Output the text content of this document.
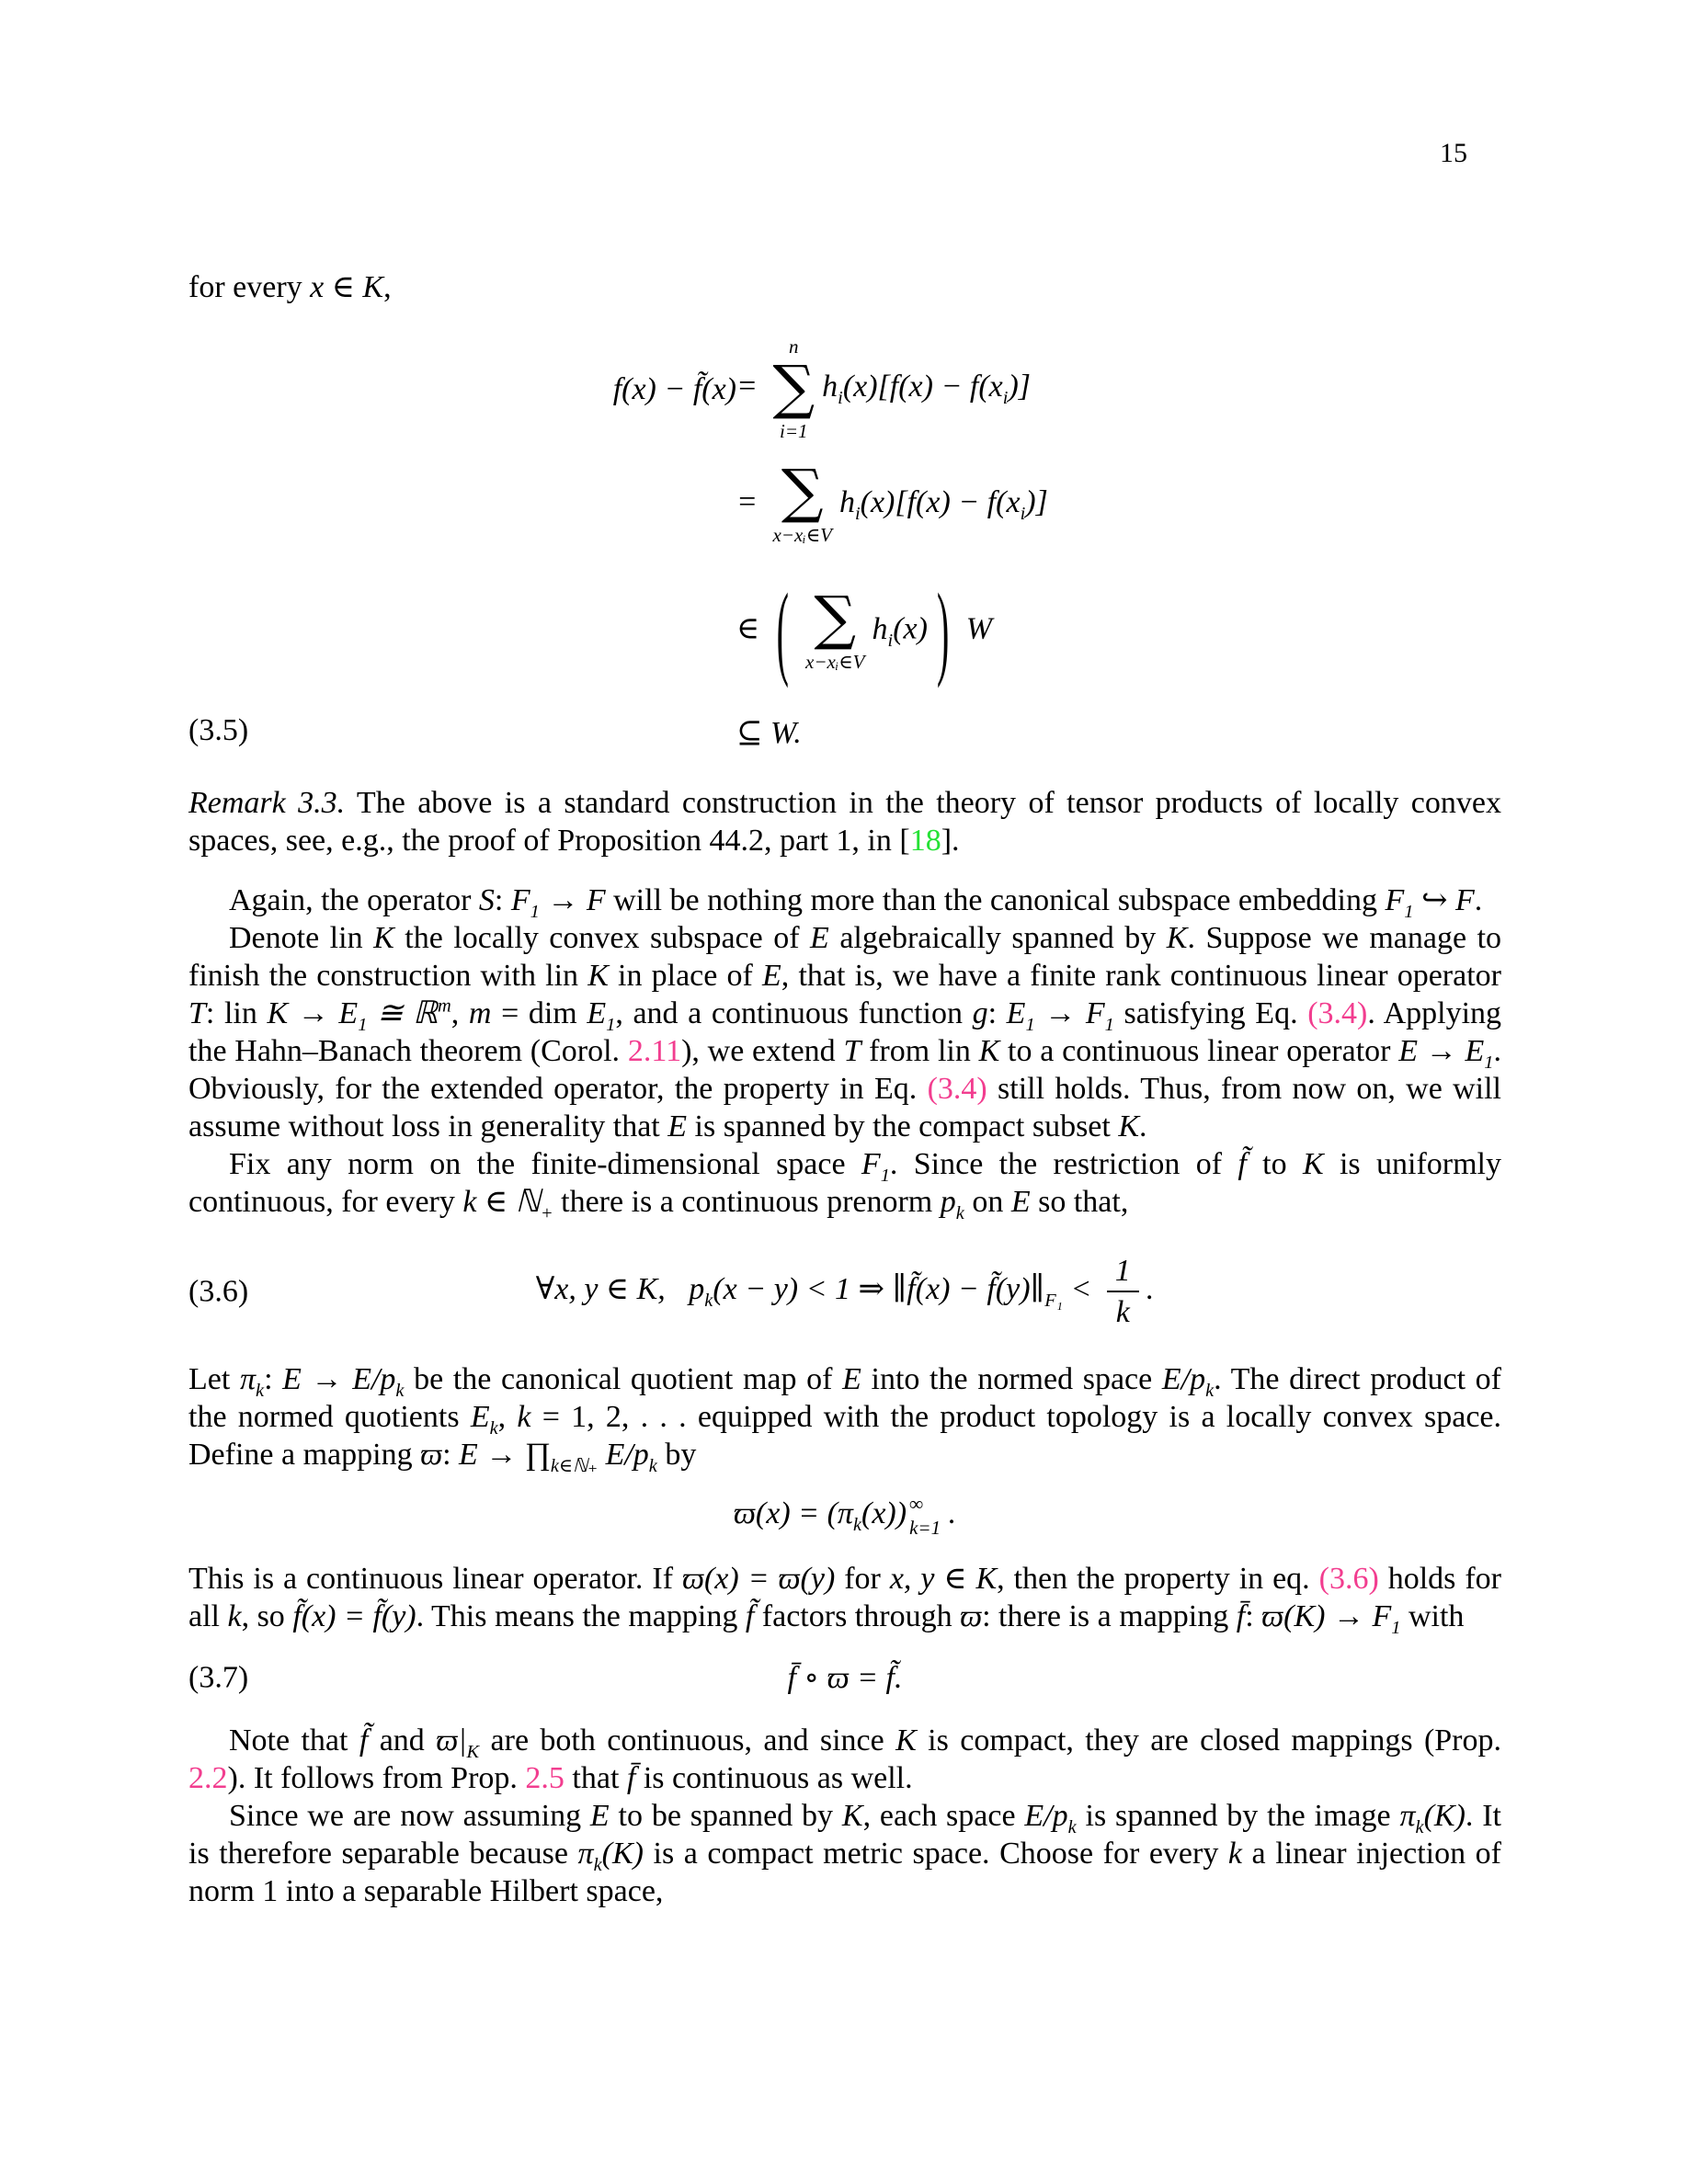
15

for every x ∈ K,

(3.5)
f(x) − f̃(x) =
n
∑
i=1
$h_i(x)[f(x) - f(x_i)]$
= ∑
x−xᵢ∈V
$h_i(x)[f(x) - f(x_i)]$
∈ ( ∑
x−xᵢ∈V
$h_i(x)$ ) W
⊆ W.

Remark 3.3. The above is a standard construction in the theory of tensor products of locally convex spaces, see, e.g., the proof of Proposition 44.2, part 1, in [18].

Again, the operator S: $F_1 \to F$ will be nothing more than the canonical subspace embedding $F_1$ ↪ F.

Denote lin K the locally convex subspace of E algebraically spanned by K. Suppose we manage to finish the construction with lin K in place of E, that is, we have a finite rank continuous linear operator T: lin $K \to E_1$ ≅ ℝ$^m$, m = dim $E_1$, and a continuous function g: $E_1 \to F_1$ satisfying Eq. (3.4). Applying the Hahn–Banach theorem (Corol. 2.11), we extend T from lin K to a continuous linear operator $E \to E_1$. Obviously, for the extended operator, the property in Eq. (3.4) still holds. Thus, from now on, we will assume without loss in generality that E is spanned by the compact subset K.

Fix any norm on the finite-dimensional space $F_1$. Since the restriction of f̃ to K is uniformly continuous, for every k ∈ ℕ$_+$ there is a continuous prenorm $p_k$ on E so that,

(3.6)	∀x, y ∈ K,  $p_k(x - y) < 1$ ⇒ ∥f̃(x) − $f̃(y)\parallel_{F_1} < \frac{1}{k}$ .

Let $\pi_k$: $E \to E/p_k$ be the canonical quotient map of E into the normed space $E/p_k$. The direct product of the normed quotients $E_k$, k = 1, 2, . . . equipped with the product topology is a locally convex space. Define a mapping ϖ: $E \to \prod_{k\in ℕ_+}$ $E/p_k$ by

$ϖ(x) = (\pi_k(x))$ ∞
k=1 .

This is a continuous linear operator. If ϖ(x) = ϖ(y) for x, y ∈ K, then the property in eq. (3.6) holds for all k, so f̃(x) = f̃(y). This means the mapping f̃ factors through ϖ: there is a mapping f̄: $ϖ(K) \to F_1$ with

(3.7)	f̄ ∘ ϖ = f̃.

Note that f̃ and $ϖ|_K$ are both continuous, and since K is compact, they are closed mappings (Prop. 2.2). It follows from Prop. 2.5 that f̄ is continuous as well.

Since we are now assuming E to be spanned by K, each space $E/p_k$ is spanned by the image $\pi_k(K)$. It is therefore separable because $\pi_k(K)$ is a compact metric space. Choose for every k a linear injection of norm 1 into a separable Hilbert space,
